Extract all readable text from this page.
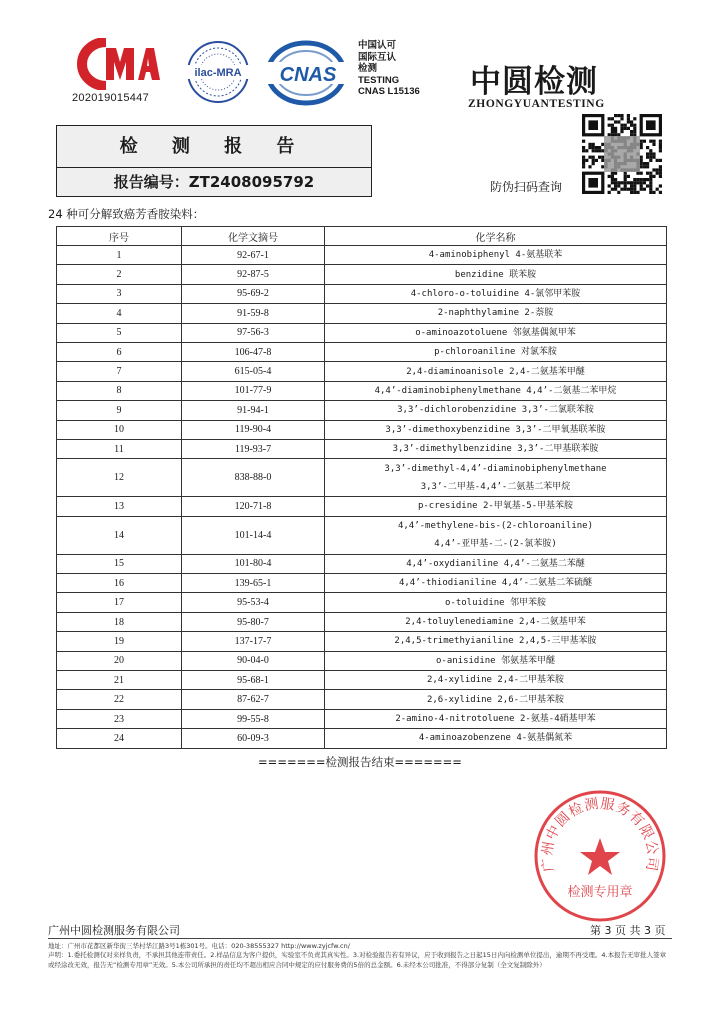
202019015447
ilac-MRA CNAS
中国认可
国际互认
检测
TESTING
CNAS L15136 中圆检测
ZHONGYUANTESTING
检 测 报 告
报告编号：ZT2408095792	防伪扫码查询
24 种可分解致癌芳香胺染料：
序号	化学文摘号	化学名称
1	92-67-1	4-aminobiphenyl 4-氨基联苯

2	92-87-5	benzidine 联苯胺

3	95-69-2	4-chloro-o-toluidine 4-氯邻甲苯胺

4	91-59-8	2-naphthylamine 2-萘胺

5	97-56-3	o-aminoazotoluene 邻氨基偶氮甲苯

6	106-47-8	p-chloroaniline 对氯苯胺

7	615-05-4	2,4-diaminoanisole 2,4-二氨基苯甲醚

8	101-77-9	4,4’-diaminobiphenylmethane 4,4’-二氨基二苯甲烷

9	91-94-1	3,3’-dichlorobenzidine 3,3’-二氯联苯胺

10	119-90-4	3,3’-dimethoxybenzidine 3,3’-二甲氧基联苯胺

11	119-93-7	3,3’-dimethylbenzidine 3,3’-二甲基联苯胺

12	838-88-0	3,3’-dimethyl-4,4’-diaminobiphenylmethane
3,3’-二甲基-4,4’-二氨基二苯甲烷

13	120-71-8	p-cresidine 2-甲氧基-5-甲基苯胺

14	101-14-4	4,4’-methylene-bis-(2-chloroaniline)
4,4’-亚甲基-二-(2-氯苯胺)

15	101-80-4	4,4’-oxydianiline 4,4’-二氨基二苯醚

16	139-65-1	4,4’-thiodianiline 4,4’-二氨基二苯硫醚

17	95-53-4	o-toluidine 邻甲苯胺

18	95-80-7	2,4-toluylenediamine 2,4-二氨基甲苯

19	137-17-7	2,4,5-trimethyianiline 2,4,5-三甲基苯胺

20	90-04-0	o-anisidine 邻氨基苯甲醚

21	95-68-1	2,4-xylidine 2,4-二甲基苯胺

22	87-62-7	2,6-xylidine 2,6-二甲基苯胺

23	99-55-8	2-amino-4-nitrotoluene 2-氨基-4硝基甲苯

24	60-09-3	4-aminoazobenzene 4-氨基偶氮苯
=======检测报告结束=======
广州中圆检测服务有限公司
检测专用章
广州中圆检测服务有限公司	第 3 页 共 3 页
地址：广州市花都区新华街三华村华江路3号1栋301号。电话：020-38555327 http://www.zyjcfw.cn/
声明：1.委托检测仅对来样负责，不承担其他连带责任。2.样品信息为客户提供，实验室不负责其真实性。3.对检验报告若有异议，应于收到报告之日起15日内向检测单位提出，逾期不再受理。4.本报告无审批人签章或经涂改无效，报告无“检测专用章”无效。5.本公司所承担的责任均不超出相应合同中规定的应付服务费的5倍的总金额。6.未经本公司批准，不得部分复制（全文复制除外）
